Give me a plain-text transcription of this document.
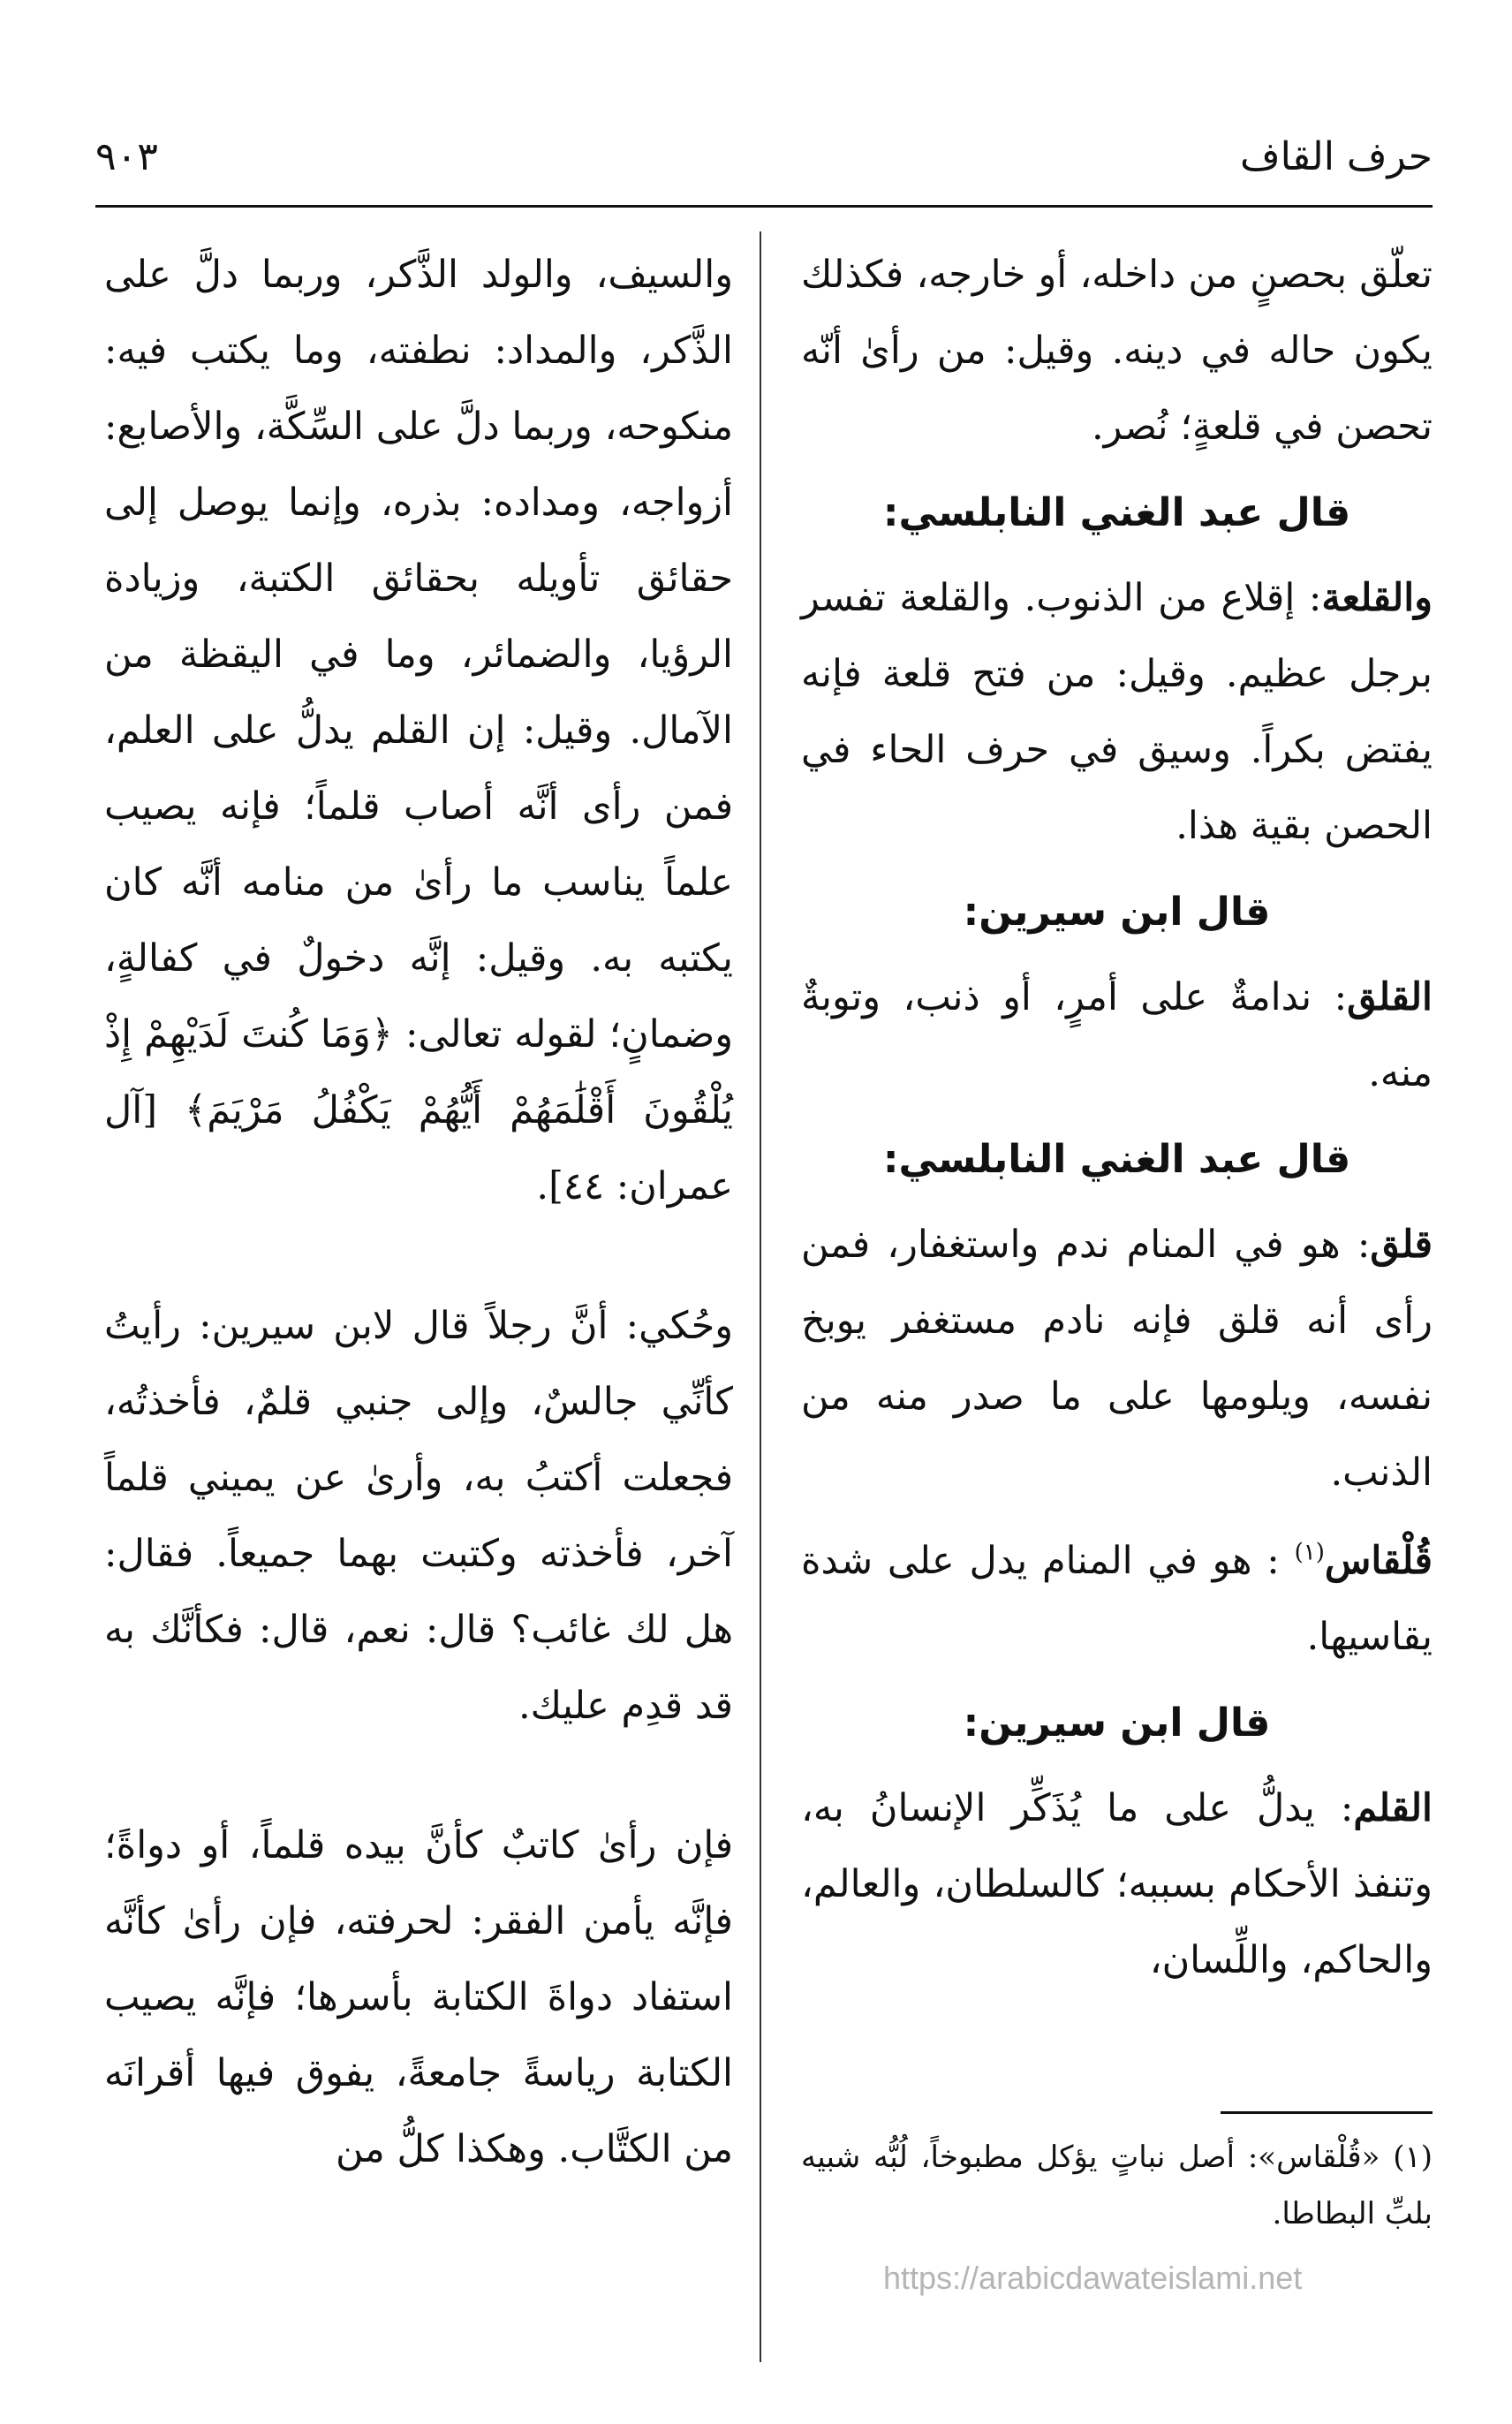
٩٠٣	حرف القاف

تعلّق بحصنٍ من داخله، أو خارجه، فكذلك يكون حاله في دينه. وقيل: من رأىٰ أنّه تحصن في قلعةٍ؛ نُصر.

قال عبد الغني النابلسي:

والقلعة: إقلاع من الذنوب. والقلعة تفسر برجل عظيم. وقيل: من فتح قلعة فإنه يفتض بكراً. وسيق في حرف الحاء في الحصن بقية هذا.

قال ابن سيرين:

القلق: ندامةٌ على أمرٍ، أو ذنب، وتوبةٌ منه.

قال عبد الغني النابلسي:

قلق: هو في المنام ندم واستغفار، فمن رأى أنه قلق فإنه نادم مستغفر يوبخ نفسه، ويلومها على ما صدر منه من الذنب.

قُلْقاس$^{(١)}$ : هو في المنام يدل على شدة يقاسيها.

قال ابن سيرين:

القلم: يدلُّ على ما يُذَكِّر الإنسانُ به، وتنفذ الأحكام بسببه؛ كالسلطان، والعالم، والحاكم، واللِّسان،

والسيف، والولد الذَّكر، وربما دلَّ على الذَّكر، والمداد: نطفته، وما يكتب فيه: منكوحه، وربما دلَّ على السِّكَّة، والأصابع: أزواجه، ومداده: بذره، وإنما يوصل إلى حقائق تأويله بحقائق الكتبة، وزيادة الرؤيا، والضمائر، وما في اليقظة من الآمال. وقيل: إن القلم يدلُّ على العلم، فمن رأى أنَّه أصاب قلماً؛ فإنه يصيب علماً يناسب ما رأىٰ من منامه أنَّه كان يكتبه به. وقيل: إنَّه دخولٌ في كفالةٍ، وضمانٍ؛ لقوله تعالى: ﴿وَمَا كُنتَ لَدَيْهِمْ إِذْ يُلْقُونَ أَقْلَٰمَهُمْ أَيُّهُمْ يَكْفُلُ مَرْيَمَ﴾ [آل عمران: ٤٤].

وحُكي: أنَّ رجلاً قال لابن سيرين: رأيتُ كأنِّي جالسٌ، وإلى جنبي قلمٌ، فأخذتُه، فجعلت أكتبُ به، وأرىٰ عن يميني قلماً آخر، فأخذته وكتبت بهما جميعاً. فقال: هل لك غائب؟ قال: نعم، قال: فكأنَّك به قد قدِم عليك.

فإن رأىٰ كاتبٌ كأنَّ بيده قلماً، أو دواةً؛ فإنَّه يأمن الفقر: لحرفته، فإن رأىٰ كأنَّه استفاد دواةَ الكتابة بأسرها؛ فإنَّه يصيب الكتابة رياسةً جامعةً، يفوق فيها أقرانَه من الكتَّاب. وهكذا كلُّ من (١) «قُلْقاس»: أصل نباتٍ يؤكل مطبوخاً، لُبُّه شبيه بلبِّ البطاطا.
https://arabicdawateislami.net
